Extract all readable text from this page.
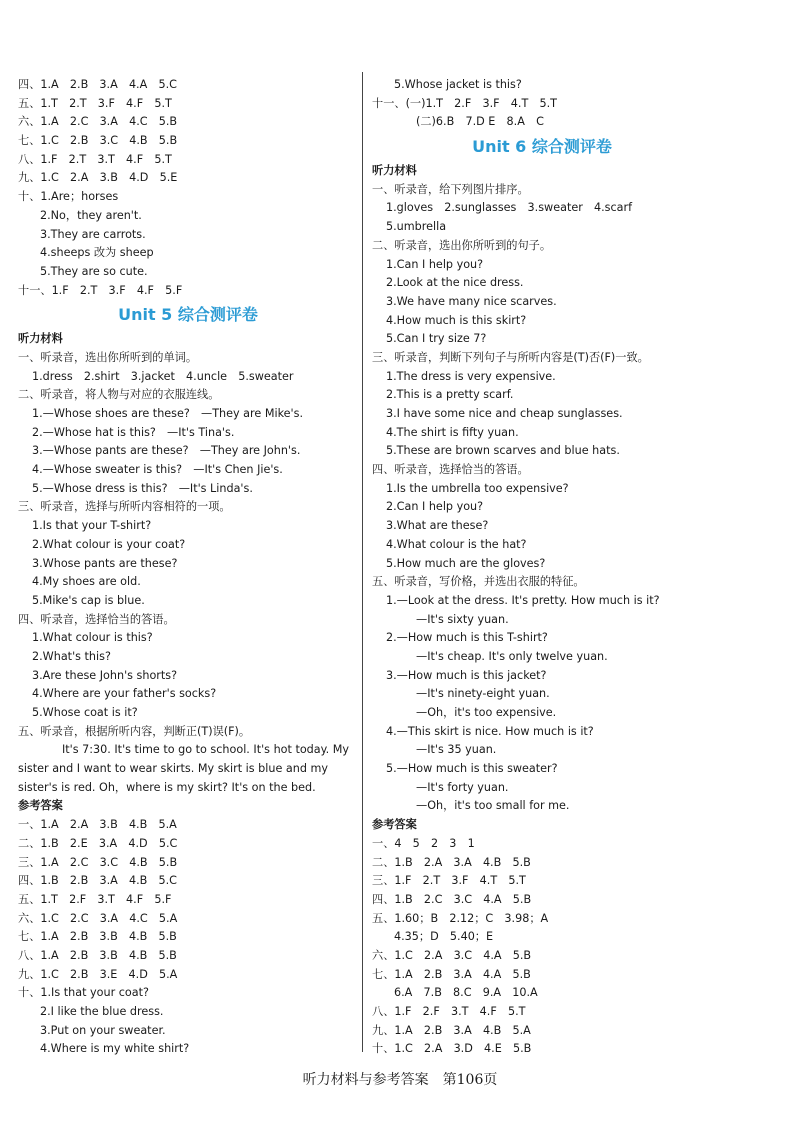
四、1.A　2.B　3.A　4.A　5.C
五、1.T　2.T　3.F　4.F　5.T
六、1.A　2.C　3.A　4.C　5.B
七、1.C　2.B　3.C　4.B　5.B
八、1.F　2.T　3.T　4.F　5.T
九、1.C　2.A　3.B　4.D　5.E
十、1.Are；horses
2.No，they aren't.
3.They are carrots.
4.sheeps 改为 sheep
5.They are so cute.
十一、1.F　2.T　3.F　4.F　5.F
Unit 5 综合测评卷
听力材料
一、听录音，选出你所听到的单词。
1.dress　2.shirt　3.jacket　4.uncle　5.sweater
二、听录音，将人物与对应的衣服连线。
1.—Whose shoes are these?　—They are Mike's.
2.—Whose hat is this?　—It's Tina's.
3.—Whose pants are these?　—They are John's.
4.—Whose sweater is this?　—It's Chen Jie's.
5.—Whose dress is this?　—It's Linda's.
三、听录音，选择与所听内容相符的一项。
1.Is that your T-shirt?
2.What colour is your coat?
3.Whose pants are these?
4.My shoes are old.
5.Mike's cap is blue.
四、听录音，选择恰当的答语。
1.What colour is this?
2.What's this?
3.Are these John's shorts?
4.Where are your father's socks?
5.Whose coat is it?
五、听录音，根据所听内容，判断正(T)误(F)。
It's 7:30. It's time to go to school. It's hot today. My
sister and I want to wear skirts. My skirt is blue and my
sister's is red. Oh，where is my skirt? It's on the bed.
参考答案
一、1.A　2.A　3.B　4.B　5.A
二、1.B　2.E　3.A　4.D　5.C
三、1.A　2.C　3.C　4.B　5.B
四、1.B　2.B　3.A　4.B　5.C
五、1.T　2.F　3.T　4.F　5.F
六、1.C　2.C　3.A　4.C　5.A
七、1.A　2.B　3.B　4.B　5.B
八、1.A　2.B　3.B　4.B　5.B
九、1.C　2.B　3.E　4.D　5.A
十、1.Is that your coat?
2.I like the blue dress.
3.Put on your sweater.
4.Where is my white shirt?
5.Whose jacket is this?
十一、(一)1.T　2.F　3.F　4.T　5.T
(二)6.B　7.D E　8.A　C
Unit 6 综合测评卷
听力材料
一、听录音，给下列图片排序。
1.gloves　2.sunglasses　3.sweater　4.scarf
5.umbrella
二、听录音，选出你所听到的句子。
1.Can I help you?
2.Look at the nice dress.
3.We have many nice scarves.
4.How much is this skirt?
5.Can I try size 7?
三、听录音，判断下列句子与所听内容是(T)否(F)一致。
1.The dress is very expensive.
2.This is a pretty scarf.
3.I have some nice and cheap sunglasses.
4.The shirt is fifty yuan.
5.These are brown scarves and blue hats.
四、听录音，选择恰当的答语。
1.Is the umbrella too expensive?
2.Can I help you?
3.What are these?
4.What colour is the hat?
5.How much are the gloves?
五、听录音，写价格，并选出衣服的特征。
1.—Look at the dress. It's pretty. How much is it?
—It's sixty yuan.
2.—How much is this T-shirt?
—It's cheap. It's only twelve yuan.
3.—How much is this jacket?
—It's ninety-eight yuan.
—Oh，it's too expensive.
4.—This skirt is nice. How much is it?
—It's 35 yuan.
5.—How much is this sweater?
—It's forty yuan.
—Oh，it's too small for me.
参考答案
一、4　5　2　3　1
二、1.B　2.A　3.A　4.B　5.B
三、1.F　2.T　3.F　4.T　5.T
四、1.B　2.C　3.C　4.A　5.B
五、1.60；B　2.12；C　3.98；A
4.35；D　5.40；E
六、1.C　2.A　3.C　4.A　5.B
七、1.A　2.B　3.A　4.A　5.B
6.A　7.B　8.C　9.A　10.A
八、1.F　2.F　3.T　4.F　5.T
九、1.A　2.B　3.A　4.B　5.A
十、1.C　2.A　3.D　4.E　5.B
听力材料与参考答案　第106页
